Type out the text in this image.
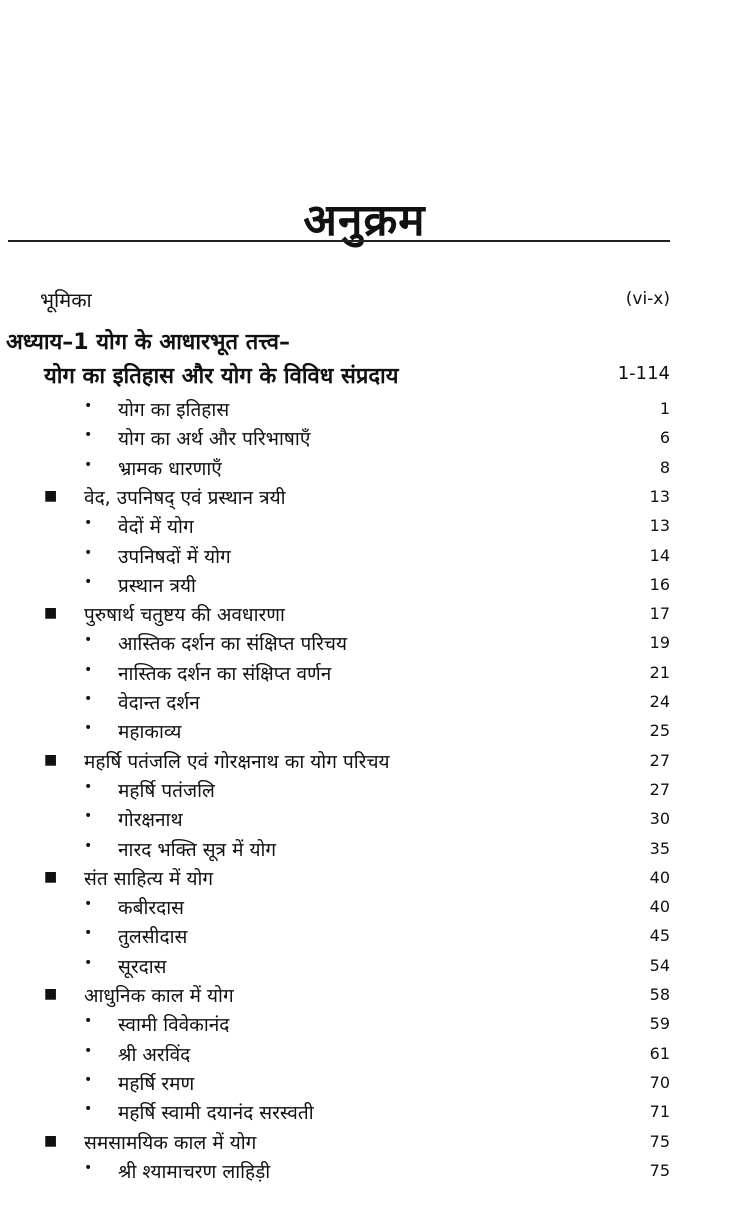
अनुक्रम
भूमिका	(vi-x)
अध्याय–1 योग के आधारभूत तत्त्व–
योग का इतिहास और योग के विविध संप्रदाय	1-114
• योग का इतिहास	1
• योग का अर्थ और परिभाषाएँ	6
• भ्रामक धारणाएँ	8
■ वेद, उपनिषद् एवं प्रस्थान त्रयी	13
• वेदों में योग	13
• उपनिषदों में योग	14
• प्रस्थान त्रयी	16
■ पुरुषार्थ चतुष्टय की अवधारणा	17
• आस्तिक दर्शन का संक्षिप्त परिचय	19
• नास्तिक दर्शन का संक्षिप्त वर्णन	21
• वेदान्त दर्शन	24
• महाकाव्य	25
■ महर्षि पतंजलि एवं गोरक्षनाथ का योग परिचय	27
• महर्षि पतंजलि	27
• गोरक्षनाथ	30
• नारद भक्ति सूत्र में योग	35
■ संत साहित्य में योग	40
• कबीरदास	40
• तुलसीदास	45
• सूरदास	54
■ आधुनिक काल में योग	58
• स्वामी विवेकानंद	59
• श्री अरविंद	61
• महर्षि रमण	70
• महर्षि स्वामी दयानंद सरस्वती	71
■ समसामयिक काल में योग	75
• श्री श्यामाचरण लाहिड़ी	75
